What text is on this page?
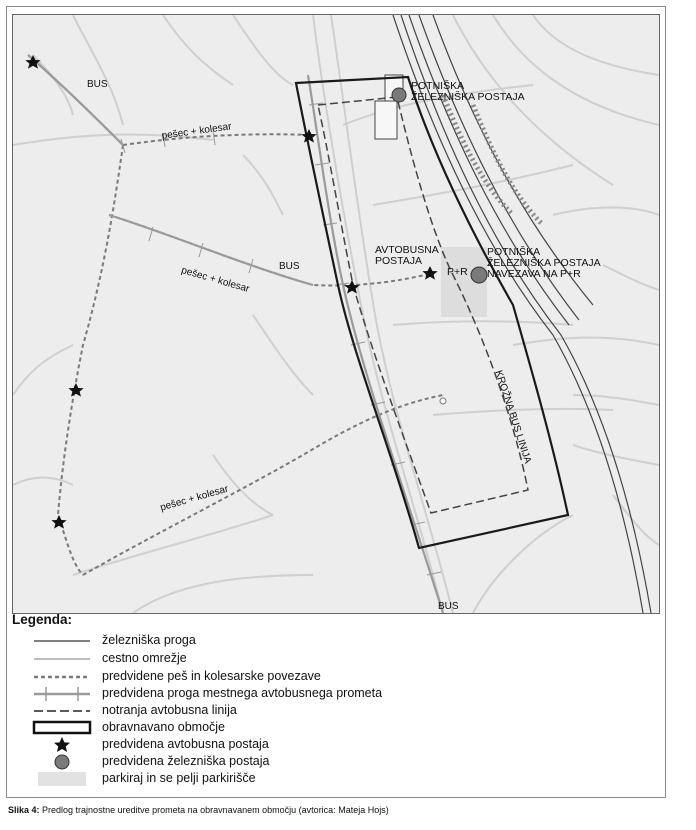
BUS
BUS
BUS
pešec + kolesar
pešec + kolesar
pešec + kolesar
POTNIŠKA
ŽELEZNIŠKA POSTAJA
AVTOBUSNA
POSTAJA
P+R
POTNIŠKA
ŽELEZNIŠKA POSTAJA
NAVEZAVA NA P+R
KROŽNA BUS LINIJA
Legenda:
železniška proga
cestno omrežje
predvidene peš in kolesarske povezave
predvidena proga mestnega avtobusnega prometa
notranja avtobusna linija
obravnavano območje
predvidena avtobusna postaja
predvidena železniška postaja
parkiraj in se pelji parkirišče
Slika 4: Predlog trajnostne ureditve prometa na obravnavanem območju (avtorica: Mateja Hojs)
